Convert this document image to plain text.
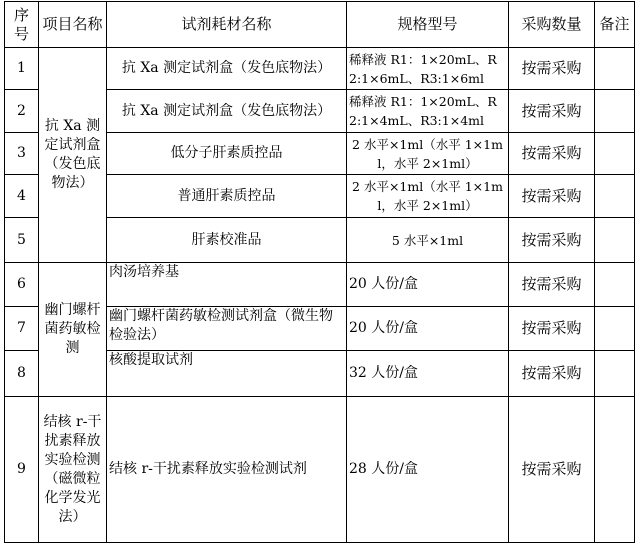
序号	项目名称	试剂耗材名称	规格型号	采购数量	备注
1	抗 Xa 测定试剂盒（发色底物法）	抗 Xa 测定试剂盒（发色底物法）	稀释液 R1：1×20mL、R2:1×6mL、R3:1×6ml	按需采购	
2		抗 Xa 测定试剂盒（发色底物法）	稀释液 R1：1×20mL、R2:1×4mL、R3:1×4ml	按需采购	
3		低分子肝素质控品	2 水平×1ml（水平 1×1ml，水平 2×1ml）	按需采购	
4		普通肝素质控品	2 水平×1ml（水平 1×1ml，水平 2×1ml）	按需采购	
5		肝素校准品	5 水平×1ml	按需采购	
6	幽门螺杆菌药敏检测	肉汤培养基	20 人份/盒	按需采购	
7		幽门螺杆菌药敏检测试剂盒（微生物检验法）	20 人份/盒	按需采购	
8		核酸提取试剂	32 人份/盒	按需采购	
9	结核 r-干扰素释放实验检测（磁微粒化学发光法）	结核 r-干扰素释放实验检测试剂	28 人份/盒	按需采购	
